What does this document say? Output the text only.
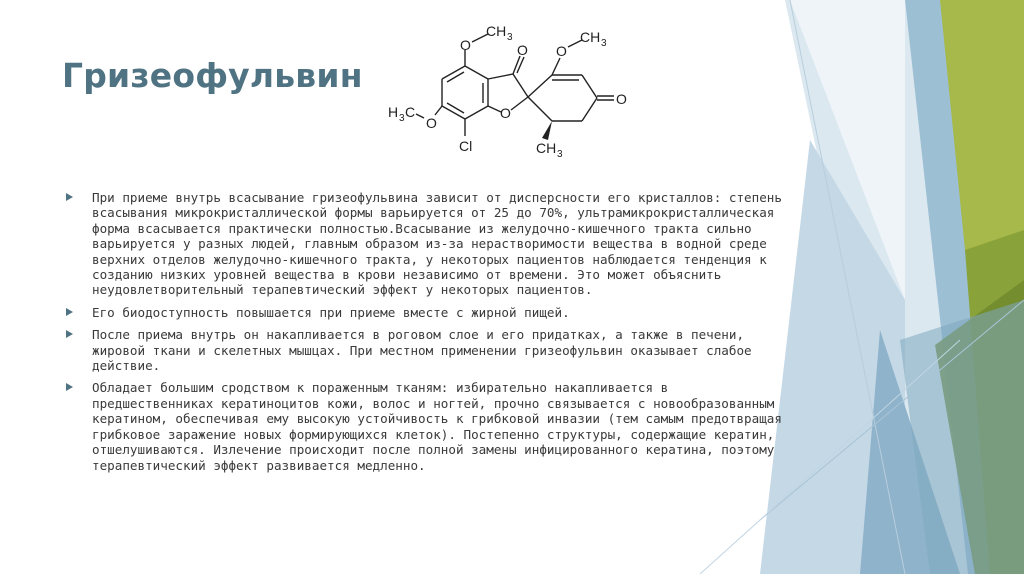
Гризеофульвин
O
CH 3
O O
CH 3
O
H 3 C
O
O
Cl	CH 3
При приеме внутрь всасывание гризеофульвина зависит от дисперсности его кристаллов: степень всасывания микрокристаллической формы варьируется от 25 до 70%, ультрамикрокристаллическая форма всасывается практически полностью.Всасывание из желудочно-кишечного тракта сильно варьируется у разных людей, главным образом из-за нерастворимости вещества в водной среде верхних отделов желудочно-кишечного тракта, у некоторых пациентов наблюдается тенденция к созданию низких уровней вещества в крови независимо от времени. Это может объяснить неудовлетворительный терапевтический эффект у некоторых пациентов.
Его биодоступность повышается при приеме вместе с жирной пищей.
После приема внутрь он накапливается в роговом слое и его придатках, а также в печени, жировой ткани и скелетных мышцах. При местном применении гризеофульвин оказывает слабое действие.
Обладает большим сродством к пораженным тканям: избирательно накапливается в предшественниках кератиноцитов кожи, волос и ногтей, прочно связывается с новообразованным кератином, обеспечивая ему высокую устойчивость к грибковой инвазии (тем самым предотвращая грибковое заражение новых формирующихся клеток). Постепенно структуры, содержащие кератин, отшелушиваются. Излечение происходит после полной замены инфицированного кератина, поэтому терапевтический эффект развивается медленно.
